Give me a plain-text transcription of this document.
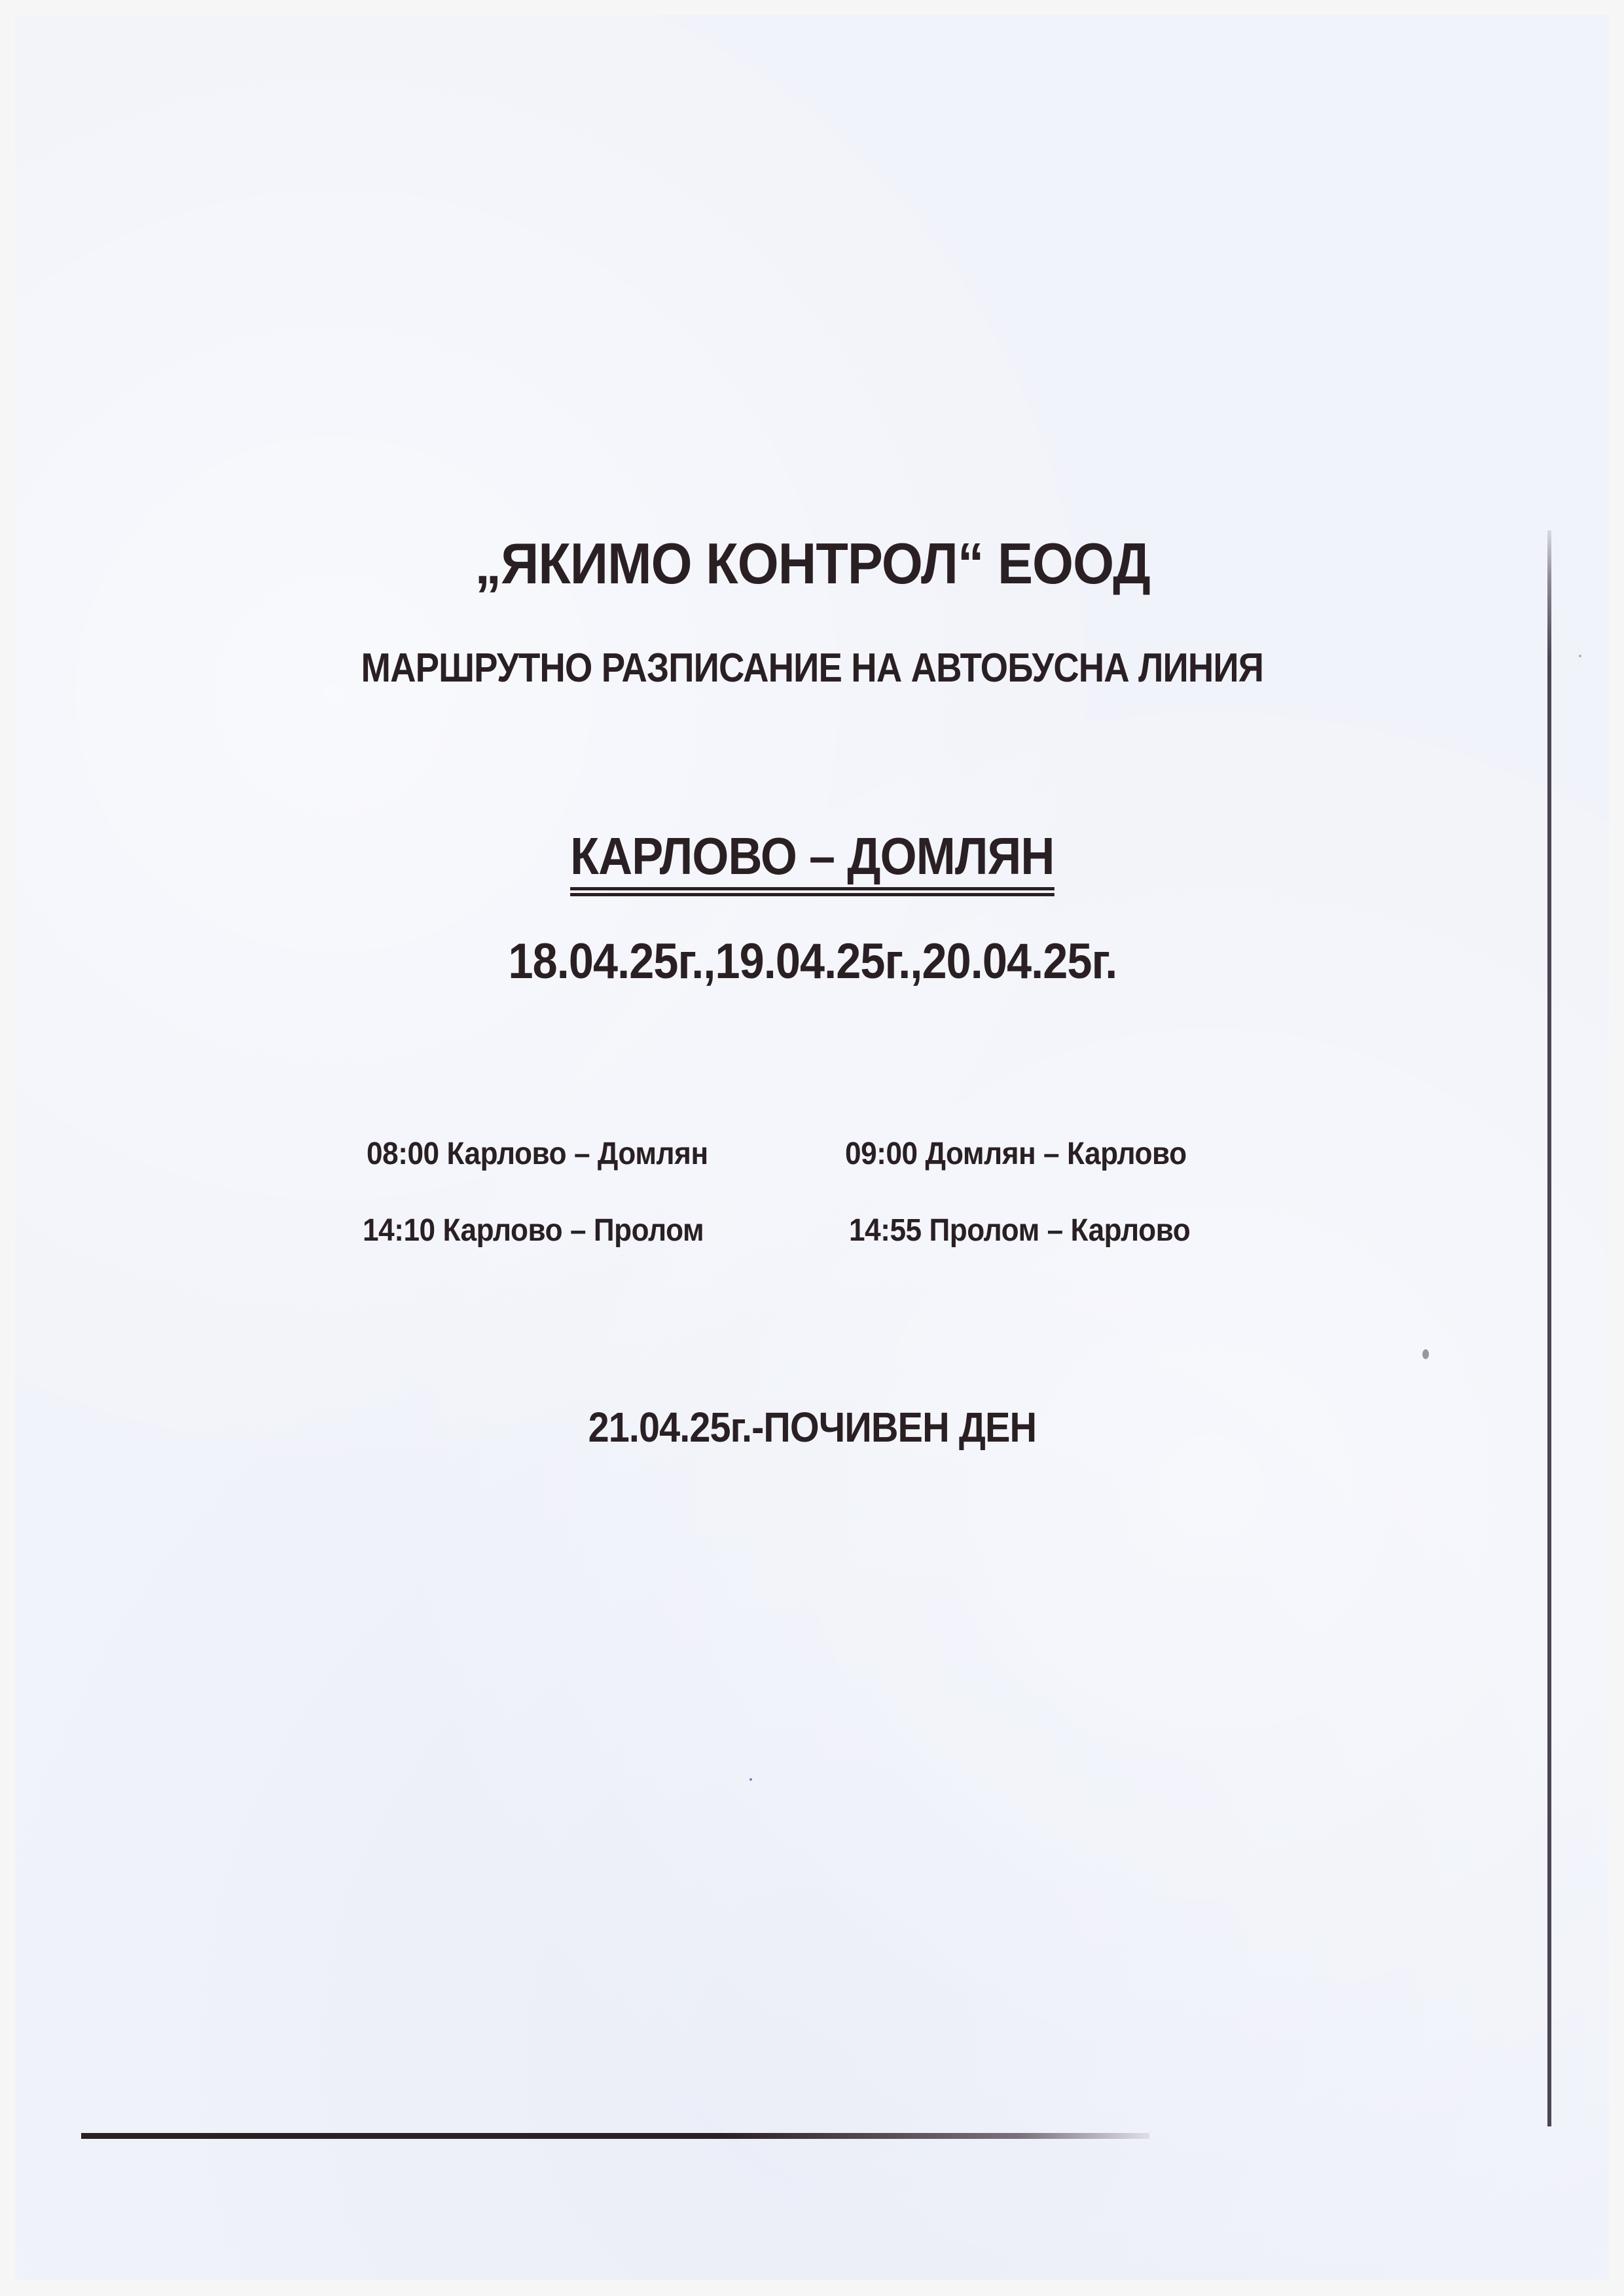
„ЯКИМО КОНТРОЛ“ ЕООД
МАРШРУТНО РАЗПИСАНИЕ НА АВТОБУСНА ЛИНИЯ
КАРЛОВО – ДОМЛЯН
18.04.25г.,19.04.25г.,20.04.25г.
08:00 Карлово – Домлян	09:00 Домлян – Карлово
14:10 Карлово – Пролом	14:55 Пролом – Карлово
21.04.25г.-ПОЧИВЕН ДЕН
